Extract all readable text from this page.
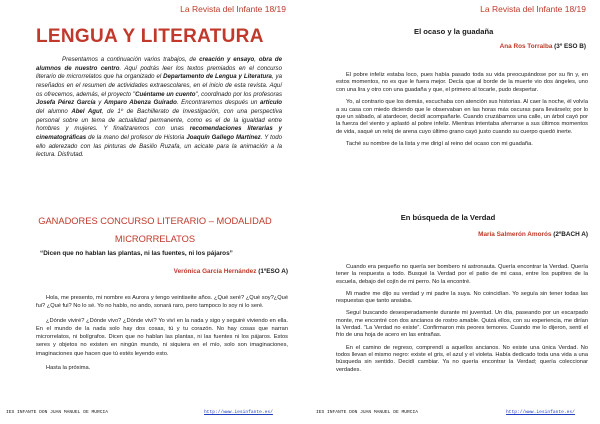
La Revista del Infante 18/19
LENGUA Y LITERATURA
Presentamos a continuación varios trabajos, de creación y ensayo, obra de alumnos de nuestro centro. Aquí podrás leer los textos premiados en el concurso literario de microrrelatos que ha organizado el Departamento de Lengua y Literatura, ya reseñados en el resumen de actividades extraescolares, en el inicio de esta revista. Aquí os ofrecemos, además, el proyecto "Cuéntame un cuento", coordinado por los profesoras Josefa Pérez García y Amparo Abenza Guirado. Encontraremos después un artículo del alumno Abel Agut, de 1º de Bachillerato de Investigación, con una perspectiva personal sobre un tema de actualidad permanente, como es el de la igualdad entre hombres y mujeres. Y finalizaremos con unas recomendaciones literarias y cinematográficas de la mano del profesor de Historia Joaquín Gallego Martínez. Y todo ello aderezado con las pinturas de Basilio Ruzafa, un acicate para la animación a la lectura. Disfrutad.
GANADORES CONCURSO LITERARIO – MODALIDAD
MICRORRELATOS
“Dicen que no hablan las plantas, ni las fuentes, ni los pájaros”
Verónica García Hernández (1ºESO A)

Hola, me presento, mi nombre es Aurora y tengo veintiseite años. ¿Qué seré? ¿Qué soy?¿Qué fui? ¿Qué fui? No lo sé. Yo no hablo, no ando, sonará raro, pero tampoco lo soy ni lo seré.

¿Dónde viviré? ¿Dónde vivo? ¿Dónde viví? Yo viví en la nada y sigo y seguiré viviendo en ella. En el mundo de la nada solo hay dos cosas, tú y tu corazón. No hay cosas que narran microrrelatos, ni bolígrafos. Dicen que no hablan las plantas, ni las fuentes ni los pájaros. Estos seres y objetos no existen en ningún mundo, ni siquiera en el mío, solo son imaginaciones, imaginaciones que hacen que tú estés leyendo esto.

Hasta la próxima.

IES INFANTE DON JUAN MANUEL DE MURCIA	http://www.iesinfante.es/
La Revista del Infante 18/19
El ocaso y la guadaña
Ana Ros Torralba (3º ESO B)

El pobre infeliz estaba loco, pues había pasado toda su vida preocupándose por su fin y, en estos momentos, no es que le fuera mejor. Decía que al borde de la muerte vio dos ángeles, uno con una lira y otro con una guadaña y que, el primero al tocarle, pudo despertar.

Yo, al contrario que los demás, escuchaba con atención sus historias. Al caer la noche, él volvía a su casa con miedo diciendo que le observaban en las horas más oscuras para llevárselo; por lo que un sábado, al atardecer, decidí acompañarle. Cuando cruzábamos una calle, un árbol cayó por la fuerza del viento y aplastó al pobre infeliz. Mientras intentaba aferrarse a sus últimos momentos de vida, saqué un reloj de arena cuyo último grano cayó justo cuando su cuerpo quedó inerte.

Taché su nombre de la lista y me dirigí al reino del ocaso con mi guadaña.

En búsqueda de la Verdad
María Salmerón Amorós (2ºBACH A)

Cuando era pequeño no quería ser bombero ni astronauta. Quería encontrar la Verdad. Quería tener la respuesta a todo. Busqué la Verdad por el patio de mi casa, entre los pupitres de la escuela, debajo del cojín de mi perro. No la encontré.

Mi madre me dijo su verdad y mi padre la suya. No coincidían. Yo seguía sin tener todas las respuestas que tanto ansiaba.

Seguí buscando desesperadamente durante mi juventud. Un día, paseando por un escarpado monte, me encontré con dos ancianos de rostro amable. Quizá ellos, con su experiencia, me dirían la Verdad. “La Verdad no existe”. Confirmaron mis peores temores. Cuando me lo dijeron, sentí el frío de una hoja de acero en las entrañas.

En el camino de regreso, comprendí a aquellos ancianos. No existe una única Verdad. No todos llevan el mismo negro: existe el gris, el azul y el violeta. Había dedicado toda una vida a una búsqueda sin sentido. Decidí cambiar. Ya no quería encontrar la Verdad; quería coleccionar verdades.

IES INFANTE DON JUAN MANUEL DE MURCIA	http://www.iesinfante.es/
